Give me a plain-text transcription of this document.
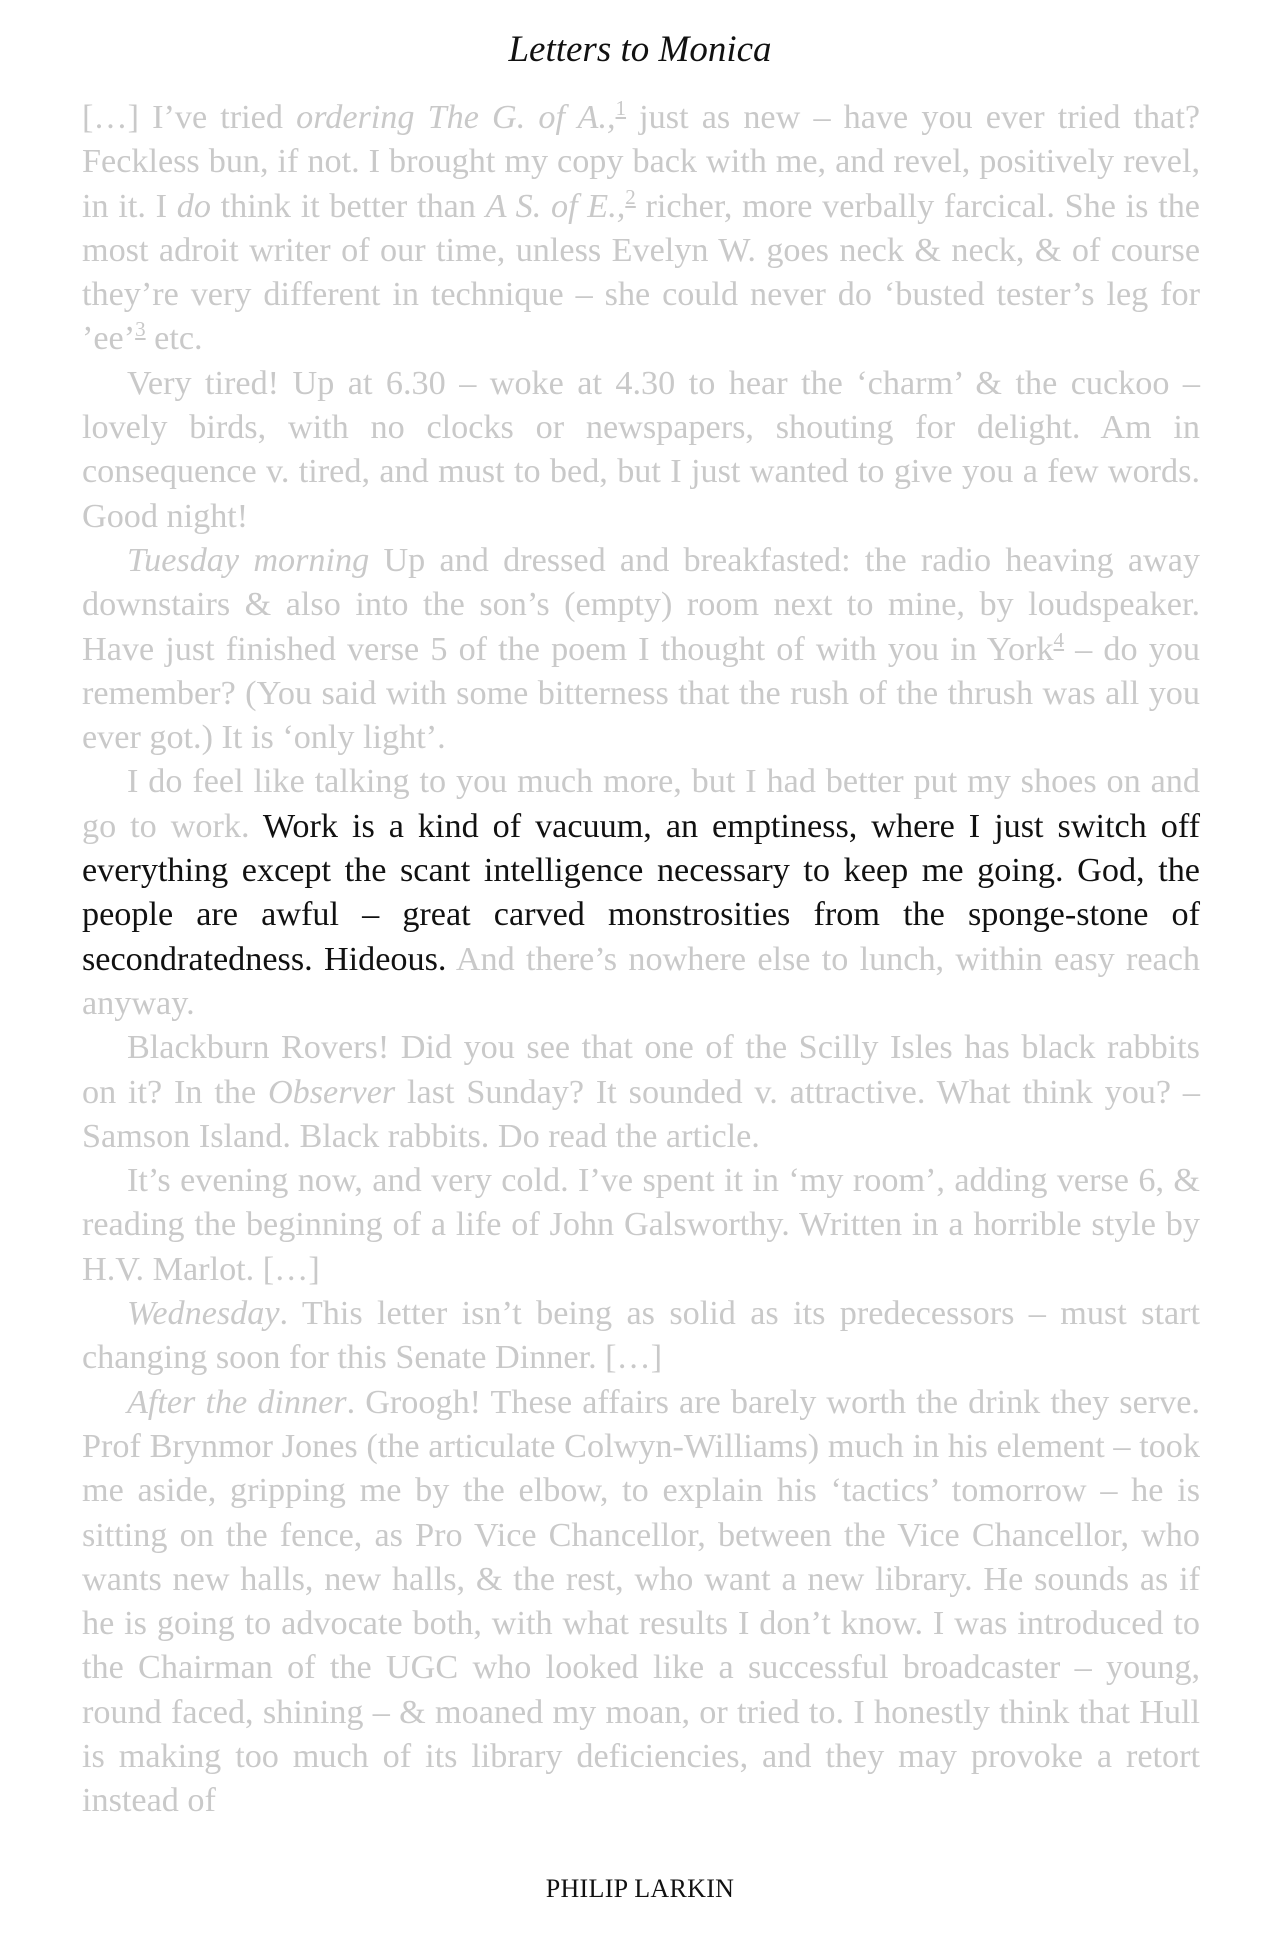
Letters to Monica

[…] I’ve tried ordering The G. of A.,$^1$ just as new – have you ever tried that? Feckless bun, if not. I brought my copy back with me, and revel, positively revel, in it. I do think it better than A S. of E.,$^2$ richer, more verbally farcical. She is the most adroit writer of our time, unless Evelyn W. goes neck & neck, & of course they’re very different in technique – she could never do ‘busted tester’s leg for ’ee’$^3$ etc.

Very tired! Up at 6.30 – woke at 4.30 to hear the ‘charm’ & the cuckoo – lovely birds, with no clocks or newspapers, shouting for delight. Am in consequence v. tired, and must to bed, but I just wanted to give you a few words. Good night!

Tuesday morning Up and dressed and breakfasted: the radio heaving away downstairs & also into the son’s (empty) room next to mine, by loudspeaker. Have just finished verse 5 of the poem I thought of with you in York$^4$ – do you remember? (You said with some bitterness that the rush of the thrush was all you ever got.) It is ‘only light’.

I do feel like talking to you much more, but I had better put my shoes on and go to work. Work is a kind of vacuum, an emptiness, where I just switch off everything except the scant intelligence necessary to keep me going. God, the people are awful – great carved monstrosities from the sponge-stone of secondratedness. Hideous. And there’s nowhere else to lunch, within easy reach anyway.

Blackburn Rovers! Did you see that one of the Scilly Isles has black rabbits on it? In the Observer last Sunday? It sounded v. attractive. What think you? – Samson Island. Black rabbits. Do read the article.

It’s evening now, and very cold. I’ve spent it in ‘my room’, adding verse 6, & reading the beginning of a life of John Galsworthy. Written in a horrible style by H.V. Marlot. […]

Wednesday. This letter isn’t being as solid as its predecessors – must start changing soon for this Senate Dinner. […]

After the dinner. Groogh! These affairs are barely worth the drink they serve. Prof Brynmor Jones (the articulate Colwyn-Williams) much in his element – took me aside, gripping me by the elbow, to explain his ‘tactics’ tomorrow – he is sitting on the fence, as Pro Vice Chancellor, between the Vice Chancellor, who wants new halls, new halls, & the rest, who want a new library. He sounds as if he is going to advocate both, with what results I don’t know. I was introduced to the Chairman of the UGC who looked like a successful broadcaster – young, round faced, shining – & moaned my moan, or tried to. I honestly think that Hull is making too much of its library deficiencies, and they may provoke a retort instead of

PHILIP LARKIN
